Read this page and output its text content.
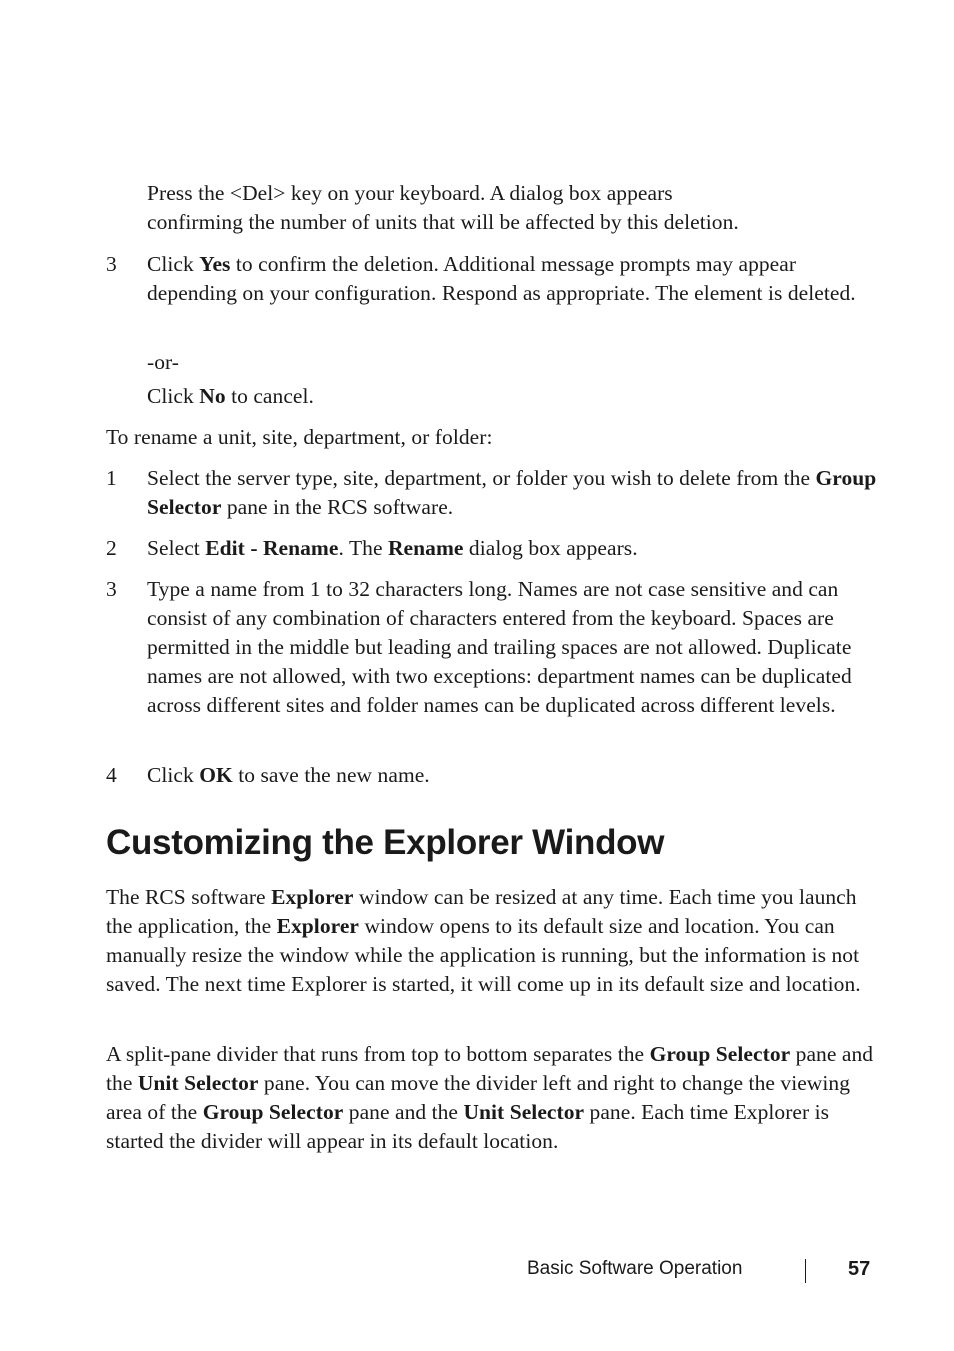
Press the <Del> key on your keyboard. A dialog box appears
confirming the number of units that will be affected by this deletion.

3 Click Yes to confirm the deletion. Additional message prompts may appear depending on your configuration. Respond as appropriate. The element is deleted.

-or-

Click No to cancel.

To rename a unit, site, department, or folder:

1 Select the server type, site, department, or folder you wish to delete from the Group Selector pane in the RCS software.

2 Select Edit - Rename. The Rename dialog box appears.

3 Type a name from 1 to 32 characters long. Names are not case sensitive and can consist of any combination of characters entered from the keyboard. Spaces are permitted in the middle but leading and trailing spaces are not allowed. Duplicate names are not allowed, with two exceptions: department names can be duplicated across different sites and folder names can be duplicated across different levels.

4 Click OK to save the new name.

Customizing the Explorer Window

The RCS software Explorer window can be resized at any time. Each time you launch the application, the Explorer window opens to its default size and location. You can manually resize the window while the application is running, but the information is not saved. The next time Explorer is started, it will come up in its default size and location.

A split-pane divider that runs from top to bottom separates the Group Selector pane and the Unit Selector pane. You can move the divider left and right to change the viewing area of the Group Selector pane and the Unit Selector pane. Each time Explorer is started the divider will appear in its default location.

Basic Software Operation	57
